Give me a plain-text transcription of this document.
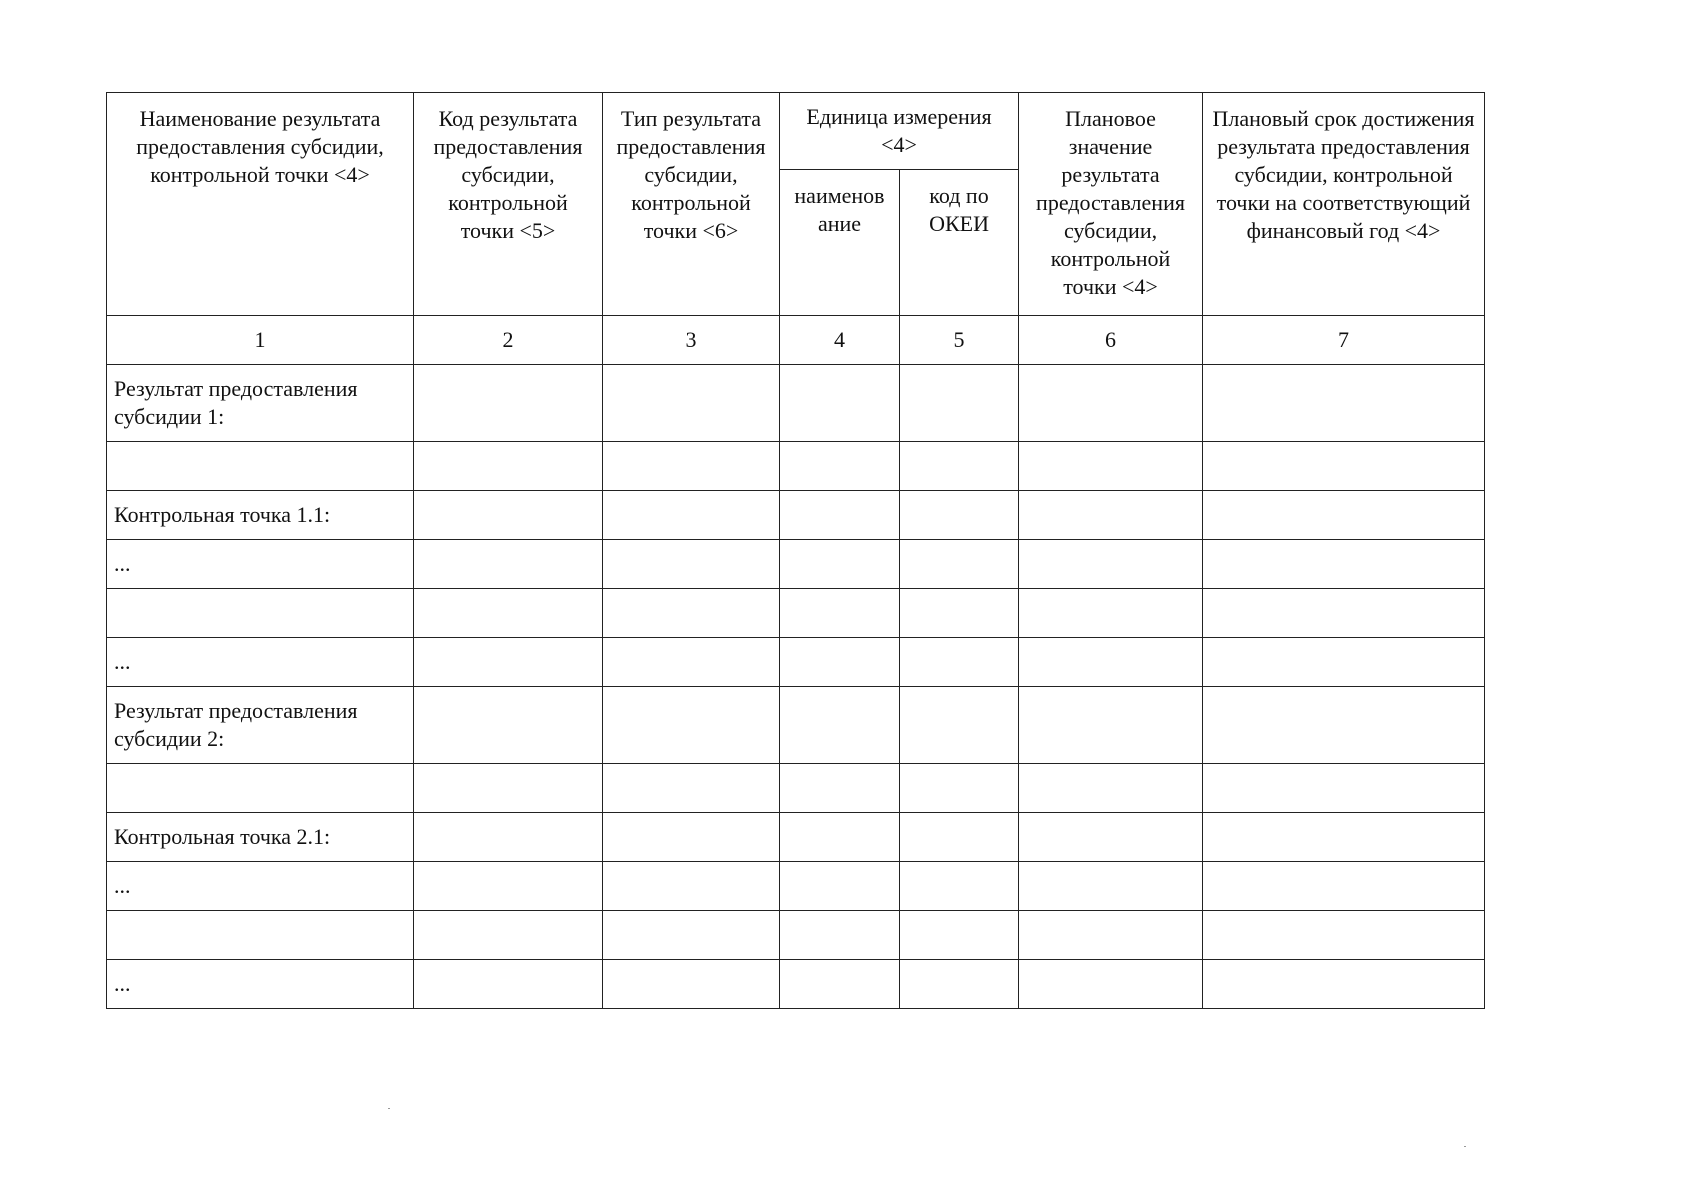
Наименование результата предоставления субсидии, контрольной точки <4>	Код результата предоставления субсидии, контрольной точки <5>	Тип результата предоставления субсидии, контрольной точки <6>	Единица измерения <4>		Плановое значение результата предоставления субсидии, контрольной точки <4>	Плановый срок достижения результата предоставления субсидии, контрольной точки на соответствующий финансовый год <4>
			наименов ание	код по ОКЕИ		
1	2	3	4	5	6	7
Результат предоставления субсидии 1:						

Контрольная точка 1.1:						
...						

...						
Результат предоставления субсидии 2:						

Контрольная точка 2.1:						
...						

...						
